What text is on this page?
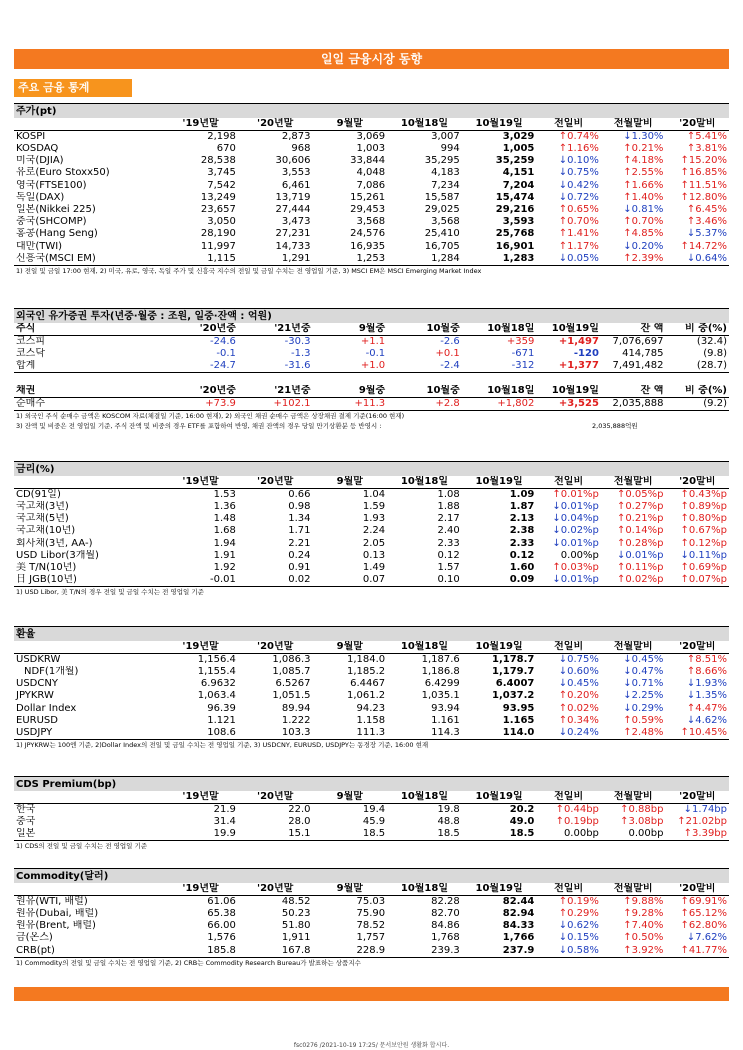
일일 금융시장 동향
주요 금융 통계
주가(pt)
	'19년말	'20년말	9월말	10월18일	10월19일	전일비	전월말비	'20말비
KOSPI	2,198	2,873	3,069	3,007	3,029	↑0.74%	↓1.30%	↑5.41%
KOSDAQ	670	968	1,003	994	1,005	↑1.16%	↑0.21%	↑3.81%
미국(DJIA)	28,538	30,606	33,844	35,295	35,259	↓0.10%	↑4.18%	↑15.20%
유로(Euro Stoxx50)	3,745	3,553	4,048	4,183	4,151	↓0.75%	↑2.55%	↑16.85%
영국(FTSE100)	7,542	6,461	7,086	7,234	7,204	↓0.42%	↑1.66%	↑11.51%
독일(DAX)	13,249	13,719	15,261	15,587	15,474	↓0.72%	↑1.40%	↑12.80%
일본(Nikkei 225)	23,657	27,444	29,453	29,025	29,216	↑0.65%	↓0.81%	↑6.45%
중국(SHCOMP)	3,050	3,473	3,568	3,568	3,593	↑0.70%	↑0.70%	↑3.46%
홍콩(Hang Seng)	28,190	27,231	24,576	25,410	25,768	↑1.41%	↑4.85%	↓5.37%
대만(TWI)	11,997	14,733	16,935	16,705	16,901	↑1.17%	↓0.20%	↑14.72%
신흥국(MSCI EM)	1,115	1,291	1,253	1,284	1,283	↓0.05%	↑2.39%	↓0.64%
1) 전일 및 금일 17:00 현재, 2) 미국, 유로, 영국, 독일 주가 및 신흥국 지수의 전일 및 금일 수치는 전 영업일 기준, 3) MSCI EM은 MSCI Emerging Market Index
외국인 유가증권 투자(년중·월중 : 조원, 일중·잔액 : 억원)
주식	'20년중	'21년중	9월중	10월중	10월18일	10월19일	잔 액	비 중(%)
코스피	-24.6	-30.3	+1.1	-2.6	+359	+1,497	7,076,697	(32.4)
코스닥	-0.1	-1.3	-0.1	+0.1	-671	-120	414,785	(9.8)
합계	-24.7	-31.6	+1.0	-2.4	-312	+1,377	7,491,482	(28.7)
채권	'20년중	'21년중	9월중	10월중	10월18일	10월19일	잔 액	비 중(%)
순매수	+73.9	+102.1	+11.3	+2.8	+1,802	+3,525	2,035,888	(9.2)
1) 외국인 주식 순매수 금액은 KOSCOM 자료(체결일 기준, 16:00 현재), 2) 외국인 채권 순매수 금액은 상장채권 결제 기준(16:00 현재)
3) 잔액 및 비중은 전 영업일 기준, 주식 잔액 및 비중의 경우 ETF를 포함하여 반영, 채권 잔액의 경우 당일 만기상환분 등 반영시 :	2,035,888억원
금리(%)
	'19년말	'20년말	9월말	10월18일	10월19일	전일비	전월말비	'20말비
CD(91일)	1.53	0.66	1.04	1.08	1.09	↑0.01%p	↑0.05%p	↑0.43%p
국고채(3년)	1.36	0.98	1.59	1.88	1.87	↓0.01%p	↑0.27%p	↑0.89%p
국고채(5년)	1.48	1.34	1.93	2.17	2.13	↓0.04%p	↑0.21%p	↑0.80%p
국고채(10년)	1.68	1.71	2.24	2.40	2.38	↓0.02%p	↑0.14%p	↑0.67%p
회사채(3년, AA-)	1.94	2.21	2.05	2.33	2.33	↓0.01%p	↑0.28%p	↑0.12%p
USD Libor(3개월)	1.91	0.24	0.13	0.12	0.12	0.00%p	↓0.01%p	↓0.11%p
美 T/N(10년)	1.92	0.91	1.49	1.57	1.60	↑0.03%p	↑0.11%p	↑0.69%p
日 JGB(10년)	-0.01	0.02	0.07	0.10	0.09	↓0.01%p	↑0.02%p	↑0.07%p
1) USD Libor, 美 T/N의 경우 전일 및 금일 수치는 전 영업일 기준
환율
	'19년말	'20년말	9월말	10월18일	10월19일	전일비	전월말비	'20말비
USDKRW	1,156.4	1,086.3	1,184.0	1,187.6	1,178.7	↓0.75%	↓0.45%	↑8.51%
NDF(1개월)	1,155.4	1,085.7	1,185.2	1,186.8	1,179.7	↓0.60%	↓0.47%	↑8.66%
USDCNY	6.9632	6.5267	6.4467	6.4299	6.4007	↓0.45%	↓0.71%	↓1.93%
JPYKRW	1,063.4	1,051.5	1,061.2	1,035.1	1,037.2	↑0.20%	↓2.25%	↓1.35%
Dollar Index	96.39	89.94	94.23	93.94	93.95	↑0.02%	↓0.29%	↑4.47%
EURUSD	1.121	1.222	1.158	1.161	1.165	↑0.34%	↑0.59%	↓4.62%
USDJPY	108.6	103.3	111.3	114.3	114.0	↓0.24%	↑2.48%	↑10.45%
1) JPYKRW는 100엔 기준, 2)Dollar Index의 전일 및 금일 수치는 전 영업일 기준, 3) USDCNY, EURUSD, USDJPY는 동경장 기준, 16:00 현재
CDS Premium(bp)
	'19년말	'20년말	9월말	10월18일	10월19일	전일비	전월말비	'20말비
한국	21.9	22.0	19.4	19.8	20.2	↑0.44bp	↑0.88bp	↓1.74bp
중국	31.4	28.0	45.9	48.8	49.0	↑0.19bp	↑3.08bp	↑21.02bp
일본	19.9	15.1	18.5	18.5	18.5	0.00bp	0.00bp	↑3.39bp
1) CDS의 전일 및 금일 수치는 전 영업일 기준
Commodity(달러)
	'19년말	'20년말	9월말	10월18일	10월19일	전일비	전월말비	'20말비
원유(WTI, 배럴)	61.06	48.52	75.03	82.28	82.44	↑0.19%	↑9.88%	↑69.91%
원유(Dubai, 배럴)	65.38	50.23	75.90	82.70	82.94	↑0.29%	↑9.28%	↑65.12%
원유(Brent, 배럴)	66.00	51.80	78.52	84.86	84.33	↓0.62%	↑7.40%	↑62.80%
금(온스)	1,576	1,911	1,757	1,768	1,766	↓0.15%	↑0.50%	↓7.62%
CRB(pt)	185.8	167.8	228.9	239.3	237.9	↓0.58%	↑3.92%	↑41.77%
1) Commodity의 전일 및 금일 수치는 전 영업일 기준, 2) CRB는 Commodity Research Bureau가 발표하는 상품지수
fsc0276 /2021-10-19 17:25/ 문서보안원 생활화 합시다.
